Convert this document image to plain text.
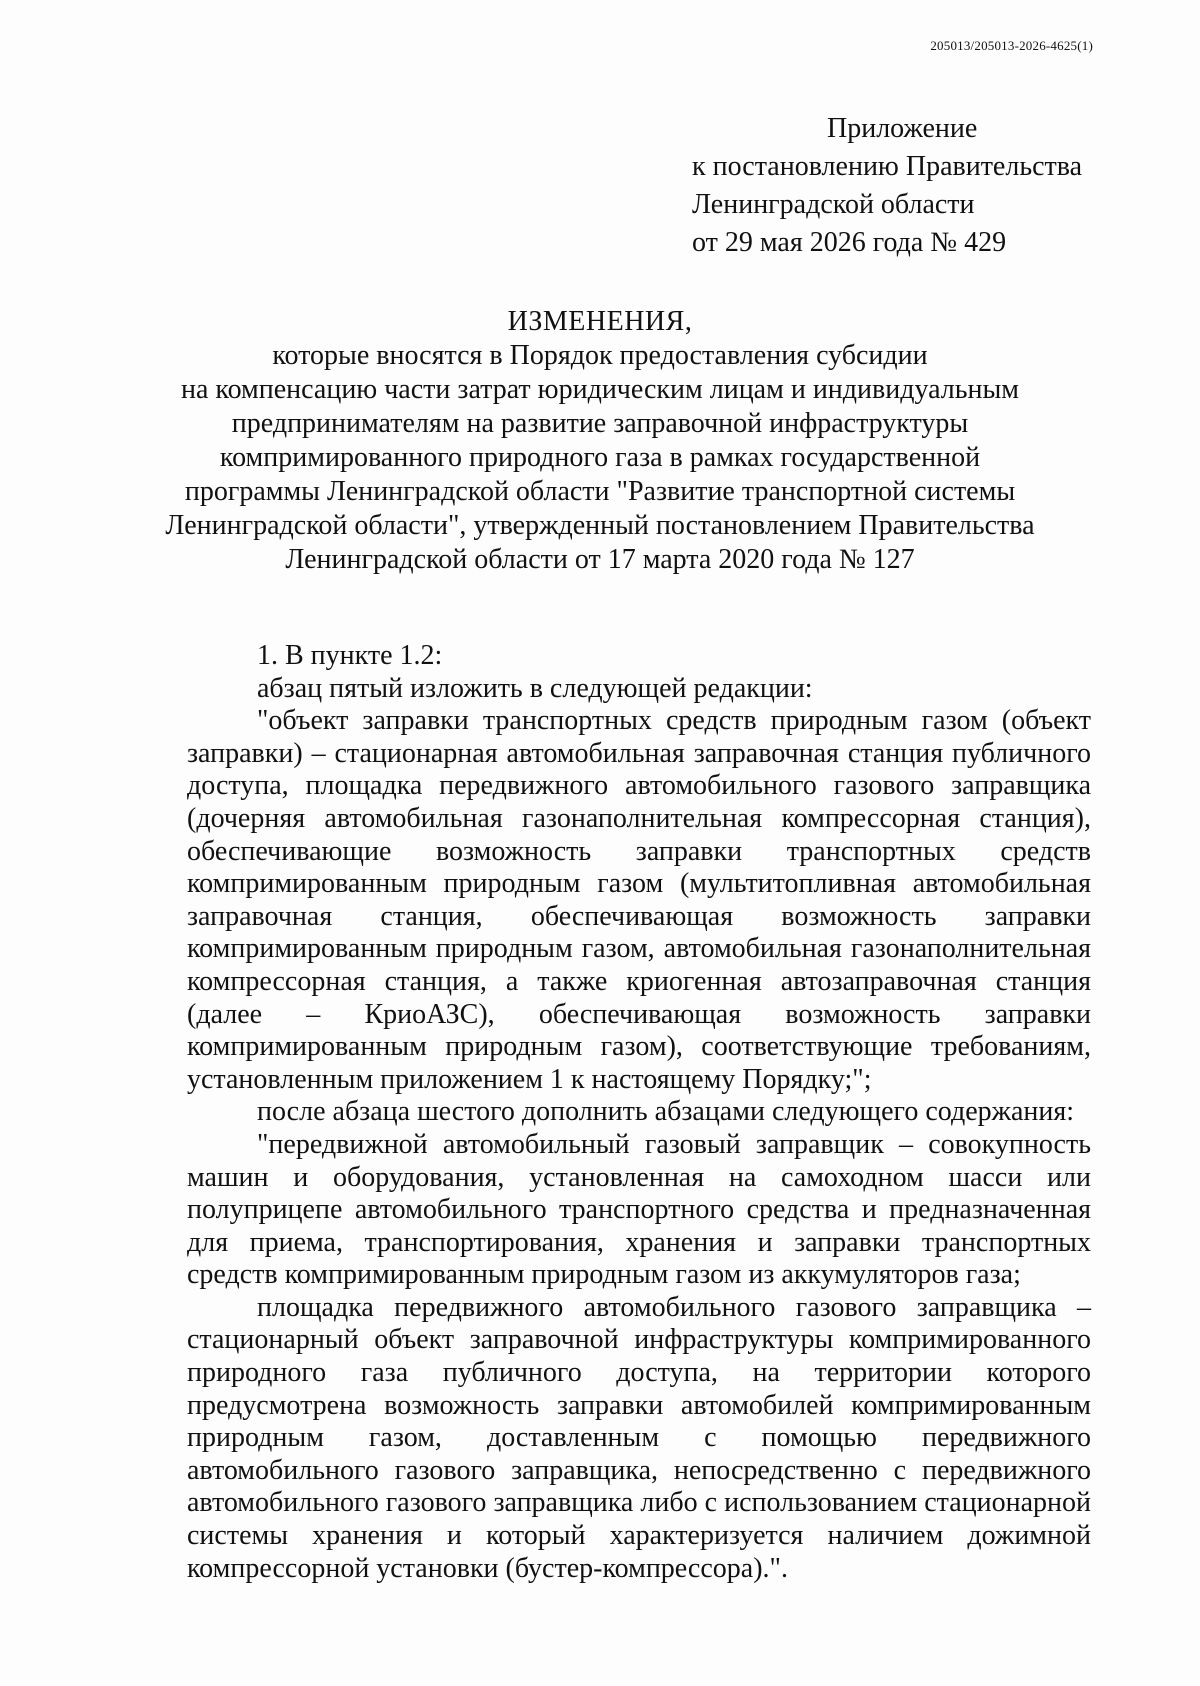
205013/205013-2026-4625(1)
Приложение
к постановлению Правительства
Ленинградской области
от 29 мая 2026 года № 429
ИЗМЕНЕНИЯ,
которые вносятся в Порядок предоставления субсидии
на компенсацию части затрат юридическим лицам и индивидуальным
предпринимателям на развитие заправочной инфраструктуры
компримированного природного газа в рамках государственной
программы Ленинградской области "Развитие транспортной системы
Ленинградской области", утвержденный постановлением Правительства
Ленинградской области от 17 марта 2020 года № 127

1. В пункте 1.2:

абзац пятый изложить в следующей редакции:

"объект заправки транспортных средств природным газом (объект заправки) – стационарная автомобильная заправочная станция публичного доступа, площадка передвижного автомобильного газового заправщика (дочерняя автомобильная газонаполнительная компрессорная станция), обеспечивающие возможность заправки транспортных средств компримированным природным газом (мультитопливная автомобильная заправочная станция, обеспечивающая возможность заправки компримированным природным газом, автомобильная газонаполнительная компрессорная станция, а также криогенная автозаправочная станция (далее – КриоАЗС), обеспечивающая возможность заправки компримированным природным газом), соответствующие требованиям, установленным приложением 1 к настоящему Порядку;";

после абзаца шестого дополнить абзацами следующего содержания:

"передвижной автомобильный газовый заправщик – совокупность машин и оборудования, установленная на самоходном шасси или полуприцепе автомобильного транспортного средства и предназначенная для приема, транспортирования, хранения и заправки транспортных средств компримированным природным газом из аккумуляторов газа;

площадка передвижного автомобильного газового заправщика – стационарный объект заправочной инфраструктуры компримированного природного газа публичного доступа, на территории которого предусмотрена возможность заправки автомобилей компримированным природным газом, доставленным с помощью передвижного автомобильного газового заправщика, непосредственно с передвижного автомобильного газового заправщика либо с использованием стационарной системы хранения и который характеризуется наличием дожимной компрессорной установки (бустер-компрессора).".
